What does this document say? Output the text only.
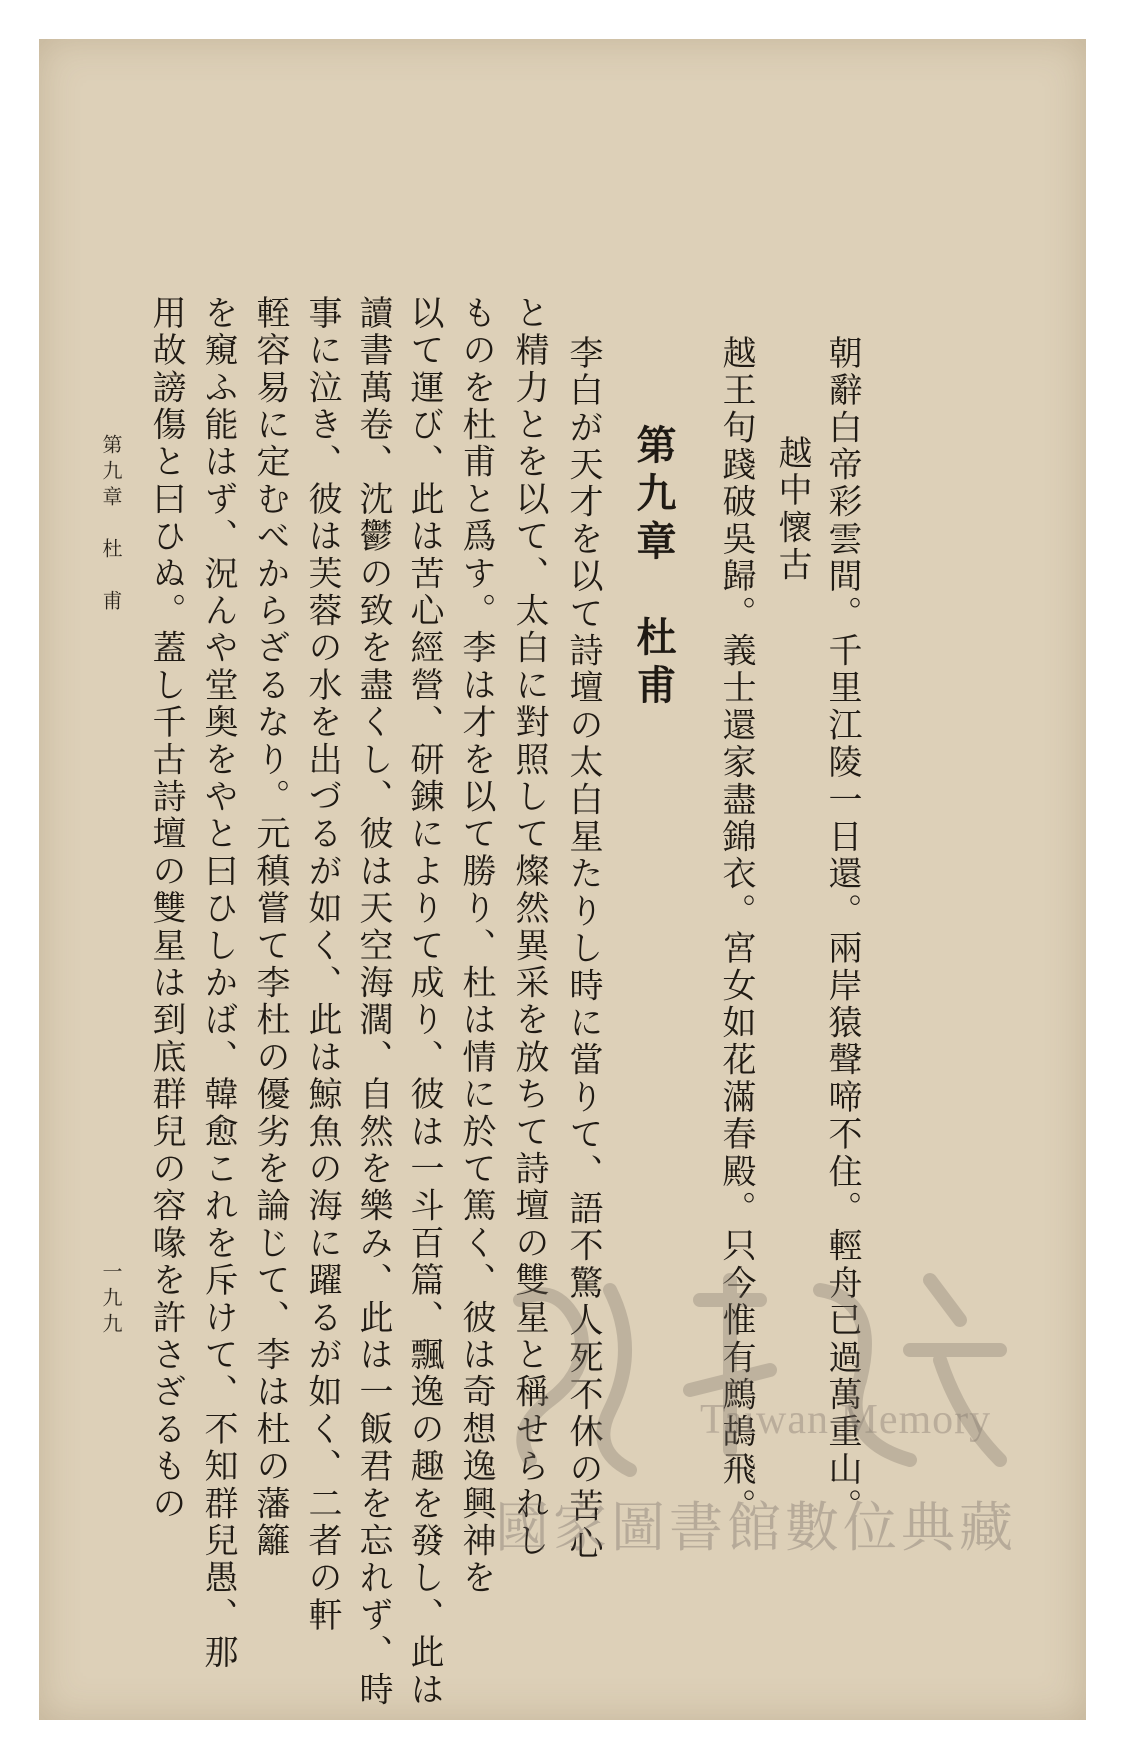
朝辭白帝彩雲間。千里江陵一日還。兩岸猿聲啼不住。輕舟已過萬重山。
越中懷古
越王句踐破吳歸。義士還家盡錦衣。宮女如花滿春殿。只今惟有鷓鴣飛。
第九章　杜甫
李白が天才を以て詩壇の太白星たりし時に當りて、語不驚人死不休の苦心
と精力とを以て、太白に對照して燦然異采を放ちて詩壇の雙星と稱せられし
ものを杜甫と爲す。李は才を以て勝り、杜は情に於て篤く、彼は奇想逸興神を
以て運び、此は苦心經營、研錬によりて成り、彼は一斗百篇、飄逸の趣を發し、此は
讀書萬卷、沈鬱の致を盡くし、彼は天空海濶、自然を樂み、此は一飯君を忘れず、時
事に泣き、彼は芙蓉の水を出づるが如く、此は鯨魚の海に躍るが如く、二者の軒
輊容易に定むべからざるなり。元稹嘗て李杜の優劣を論じて、李は杜の藩籬
を窺ふ能はず、況んや堂奥をやと曰ひしかば、韓愈これを斥けて、不知群兒愚、那
用故謗傷と曰ひぬ。蓋し千古詩壇の雙星は到底群兒の容喙を許さざるもの
第九章　杜　甫
一九九
Taiwan Memory
國家圖書館數位典藏
